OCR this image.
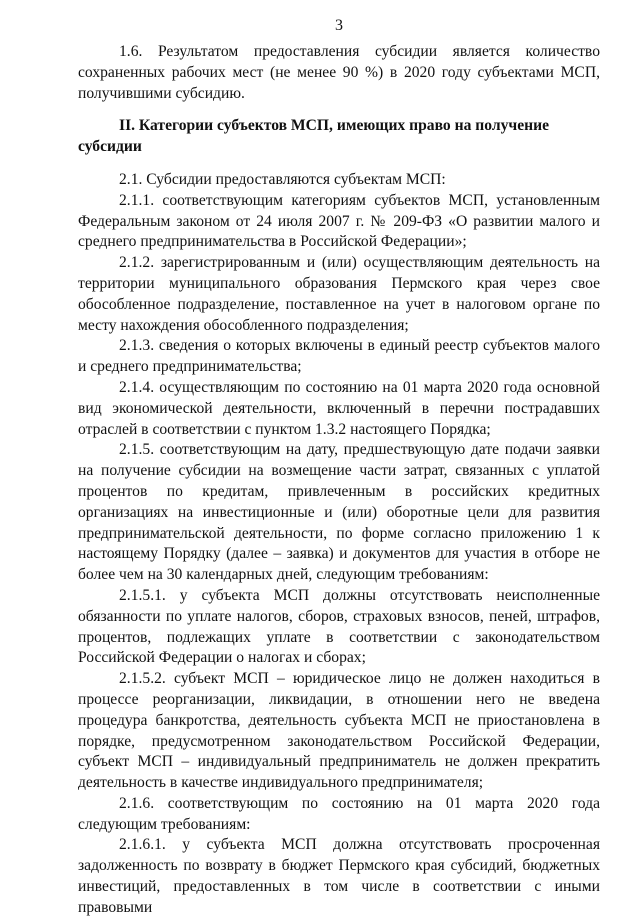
3

1.6. Результатом предоставления субсидии является количество сохраненных рабочих мест (не менее 90 %) в 2020 году субъектами МСП, получившими субсидию.

II. Категории субъектов МСП, имеющих право на получение субсидии

2.1. Субсидии предоставляются субъектам МСП:

2.1.1. соответствующим категориям субъектов МСП, установленным Федеральным законом от 24 июля 2007 г. № 209-ФЗ «О развитии малого и среднего предпринимательства в Российской Федерации»;

2.1.2. зарегистрированным и (или) осуществляющим деятельность на территории муниципального образования Пермского края через свое обособленное подразделение, поставленное на учет в налоговом органе по месту нахождения обособленного подразделения;

2.1.3. сведения о которых включены в единый реестр субъектов малого и среднего предпринимательства;

2.1.4. осуществляющим по состоянию на 01 марта 2020 года основной вид экономической деятельности, включенный в перечни пострадавших отраслей в соответствии с пунктом 1.3.2 настоящего Порядка;

2.1.5. соответствующим на дату, предшествующую дате подачи заявки на получение субсидии на возмещение части затрат, связанных с уплатой процентов по кредитам, привлеченным в российских кредитных организациях на инвестиционные и (или) оборотные цели для развития предпринимательской деятельности, по форме согласно приложению 1 к настоящему Порядку (далее – заявка) и документов для участия в отборе не более чем на 30 календарных дней, следующим требованиям:

2.1.5.1. у субъекта МСП должны отсутствовать неисполненные обязанности по уплате налогов, сборов, страховых взносов, пеней, штрафов, процентов, подлежащих уплате в соответствии с законодательством Российской Федерации о налогах и сборах;

2.1.5.2. субъект МСП – юридическое лицо не должен находиться в процессе реорганизации, ликвидации, в отношении него не введена процедура банкротства, деятельность субъекта МСП не приостановлена в порядке, предусмотренном законодательством Российской Федерации, субъект МСП – индивидуальный предприниматель не должен прекратить деятельность в качестве индивидуального предпринимателя;

2.1.6. соответствующим по состоянию на 01 марта 2020 года следующим требованиям:

2.1.6.1. у субъекта МСП должна отсутствовать просроченная задолженность по возврату в бюджет Пермского края субсидий, бюджетных инвестиций, предоставленных в том числе в соответствии с иными правовыми
